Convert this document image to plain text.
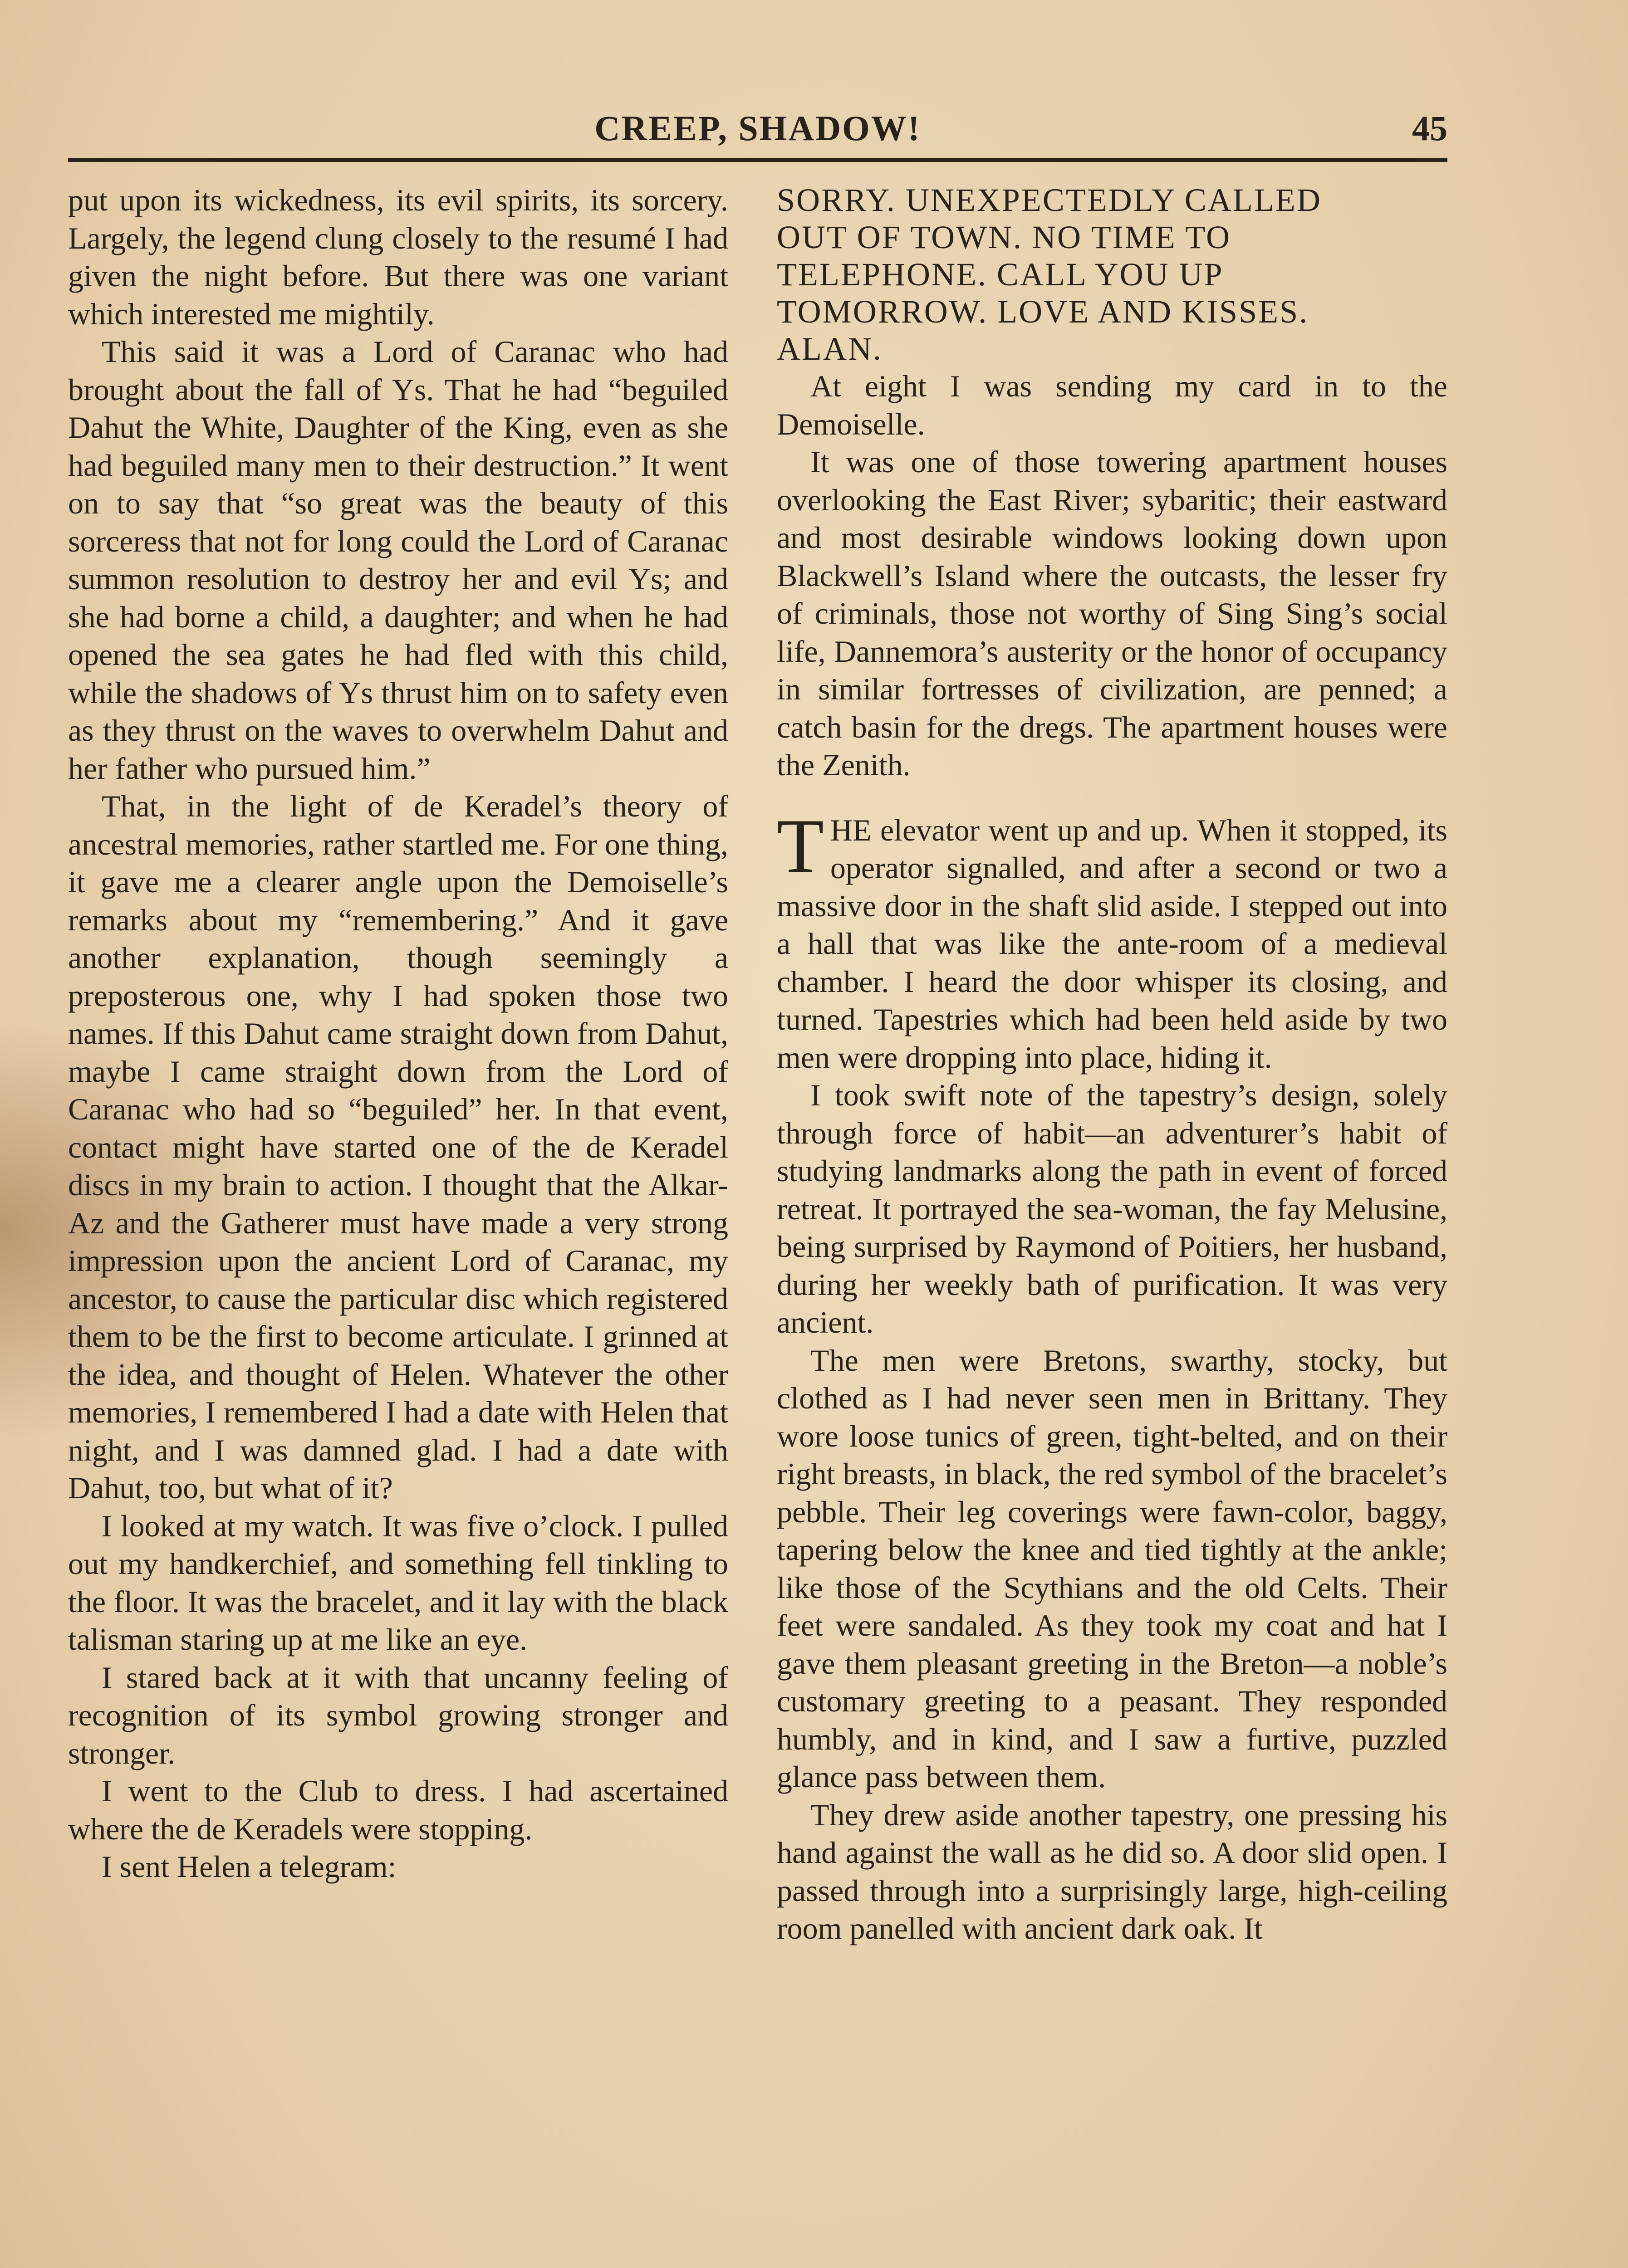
CREEP, SHADOW!	45

put upon its wickedness, its evil spirits, its sorcery. Largely, the legend clung closely to the resumé I had given the night before. But there was one variant which interested me mightily.

This said it was a Lord of Caranac who had brought about the fall of Ys. That he had “beguiled Dahut the White, Daughter of the King, even as she had beguiled many men to their destruction.” It went on to say that “so great was the beauty of this sorceress that not for long could the Lord of Caranac summon resolution to destroy her and evil Ys; and she had borne a child, a daughter; and when he had opened the sea gates he had fled with this child, while the shadows of Ys thrust him on to safety even as they thrust on the waves to overwhelm Dahut and her father who pursued him.”

That, in the light of de Keradel’s theory of ancestral memories, rather startled me. For one thing, it gave me a clearer angle upon the Demoiselle’s remarks about my “remembering.” And it gave another explanation, though seemingly a preposterous one, why I had spoken those two names. If this Dahut came straight down from Dahut, maybe I came straight down from the Lord of Caranac who had so “beguiled” her. In that event, contact might have started one of the de Keradel discs in my brain to action. I thought that the Alkar-Az and the Gatherer must have made a very strong impression upon the ancient Lord of Caranac, my ancestor, to cause the particular disc which registered them to be the first to become articulate. I grinned at the idea, and thought of Helen. Whatever the other memories, I remembered I had a date with Helen that night, and I was damned glad. I had a date with Dahut, too, but what of it?

I looked at my watch. It was five o’clock. I pulled out my handkerchief, and something fell tinkling to the floor. It was the bracelet, and it lay with the black talisman staring up at me like an eye.

I stared back at it with that uncanny feeling of recognition of its symbol growing stronger and stronger.

I went to the Club to dress. I had ascertained where the de Keradels were stopping.

I sent Helen a telegram:

SORRY. UNEXPECTEDLY CALLED OUT OF TOWN. NO TIME TO TELEPHONE. CALL YOU UP TOMORROW. LOVE AND KISSES. ALAN.

At eight I was sending my card in to the Demoiselle.

It was one of those towering apartment houses overlooking the East River; sybaritic; their eastward and most desirable windows looking down upon Blackwell’s Island where the outcasts, the lesser fry of criminals, those not worthy of Sing Sing’s social life, Dannemora’s austerity or the honor of occupancy in similar fortresses of civilization, are penned; a catch basin for the dregs. The apartment houses were the Zenith.

THE elevator went up and up. When it stopped, its operator signalled, and after a second or two a massive door in the shaft slid aside. I stepped out into a hall that was like the ante-room of a medieval chamber. I heard the door whisper its closing, and turned. Tapestries which had been held aside by two men were dropping into place, hiding it.

I took swift note of the tapestry’s design, solely through force of habit—an adventurer’s habit of studying landmarks along the path in event of forced retreat. It portrayed the sea-woman, the fay Melusine, being surprised by Raymond of Poitiers, her husband, during her weekly bath of purification. It was very ancient.

The men were Bretons, swarthy, stocky, but clothed as I had never seen men in Brittany. They wore loose tunics of green, tight-belted, and on their right breasts, in black, the red symbol of the bracelet’s pebble. Their leg coverings were fawn-color, baggy, tapering below the knee and tied tightly at the ankle; like those of the Scythians and the old Celts. Their feet were sandaled. As they took my coat and hat I gave them pleasant greeting in the Breton—a noble’s customary greeting to a peasant. They responded humbly, and in kind, and I saw a furtive, puzzled glance pass between them.

They drew aside another tapestry, one pressing his hand against the wall as he did so. A door slid open. I passed through into a surprisingly large, high-ceiling room panelled with ancient dark oak. It
